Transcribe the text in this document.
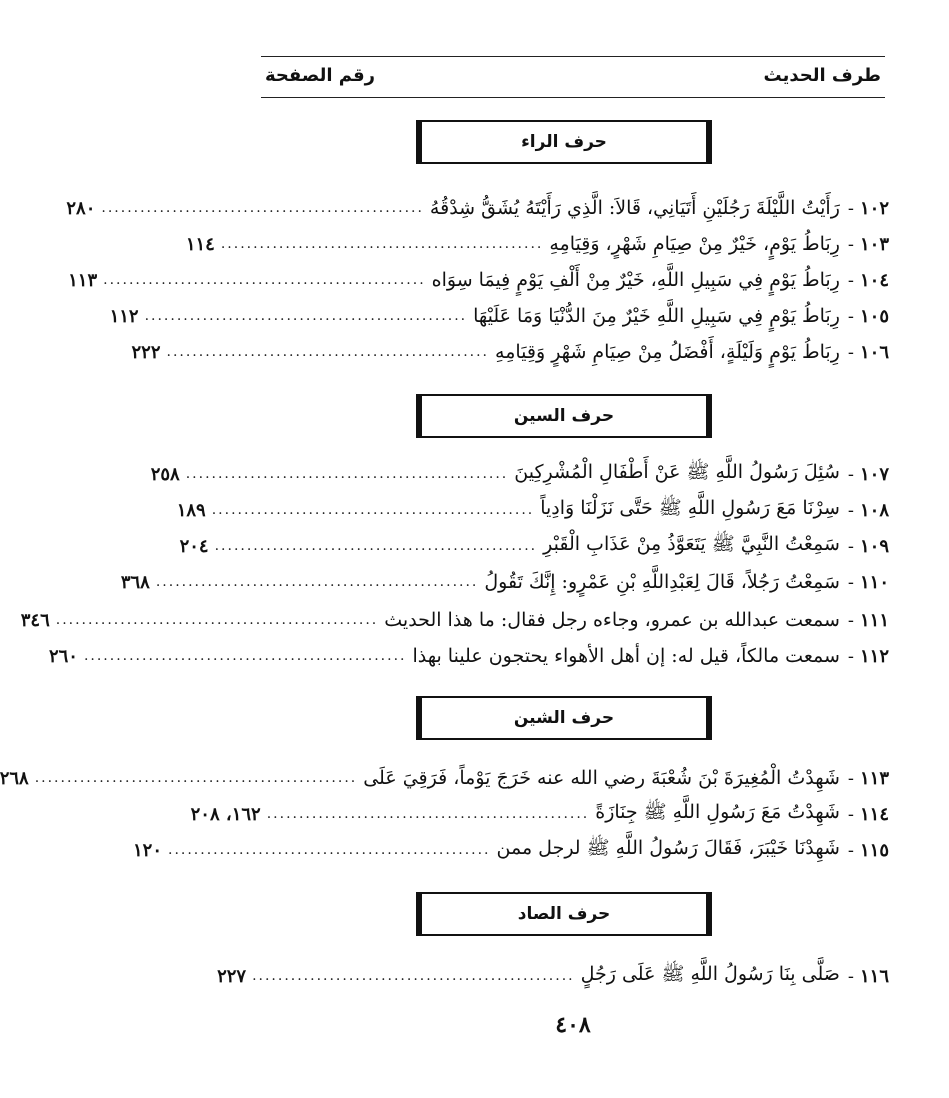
طرف الحديث
رقم الصفحة
حرف الراء
١٠٢
-
رَأَيْتُ اللَّيْلَةَ رَجُلَيْنِ أَتَيَانِي، قَالاَ: الَّذِي رَأَيْتَهُ يُشَقُّ شِدْقُهُ
..................................................
٢٨٠
١٠٣
-
رِبَاطُ يَوْمٍ، خَيْرٌ مِنْ صِيَامِ شَهْرٍ، وَقِيَامِهِ
..................................................
١١٤
١٠٤
-
رِبَاطُ يَوْمٍ فِي سَبِيلِ اللَّهِ، خَيْرٌ مِنْ أَلْفِ يَوْمٍ فِيمَا سِوَاه
..................................................
١١٣
١٠٥
-
رِبَاطُ يَوْمٍ فِي سَبِيلِ اللَّهِ خَيْرٌ مِنَ الدُّنْيَا وَمَا عَلَيْهَا
..................................................
١١٢
١٠٦
-
رِبَاطُ يَوْمٍ وَلَيْلَةٍ، أَفْضَلُ مِنْ صِيَامِ شَهْرٍ وَقِيَامِهِ
..................................................
٢٢٢
حرف السين
١٠٧
-
سُئِلَ رَسُولُ اللَّهِ ﷺ عَنْ أَطْفَالِ الْمُشْرِكِينَ
..................................................
٢٥٨
١٠٨
-
سِرْنَا مَعَ رَسُولِ اللَّهِ ﷺ حَتَّى نَزَلْنَا وَادِياً
..................................................
١٨٩
١٠٩
-
سَمِعْتُ النَّبِيَّ ﷺ يَتَعَوَّذُ مِنْ عَذَابِ الْقَبْرِ
..................................................
٢٠٤
١١٠
-
سَمِعْتُ رَجُلاً، قَالَ لِعَبْدِاللَّهِ بْنِ عَمْرٍو: إِنَّكَ تَقُولُ
..................................................
٣٦٨
١١١
-
سمعت عبدالله بن عمرو، وجاءه رجل فقال: ما هذا الحديث
..................................................
٣٤٦
١١٢
-
سمعت مالكاً، قيل له: إن أهل الأهواء يحتجون علينا بهذا
..................................................
٢٦٠
حرف الشين
١١٣
-
شَهِدْتُ الْمُغِيرَةَ بْنَ شُعْبَةَ رضي الله عنه خَرَجَ يَوْماً، فَرَقِيَ عَلَى
..................................................
٢٦٨
١١٤
-
شَهِدْتُ مَعَ رَسُولِ اللَّهِ ﷺ جِنَازَةً
..................................................
١٦٢، ٢٠٨
١١٥
-
شَهِدْنَا خَيْبَرَ، فَقَالَ رَسُولُ اللَّهِ ﷺ لرجل ممن
..................................................
١٢٠
حرف الصاد
١١٦
-
صَلَّى بِنَا رَسُولُ اللَّهِ ﷺ عَلَى رَجُلٍ
..................................................
٢٢٧
٤٠٨
